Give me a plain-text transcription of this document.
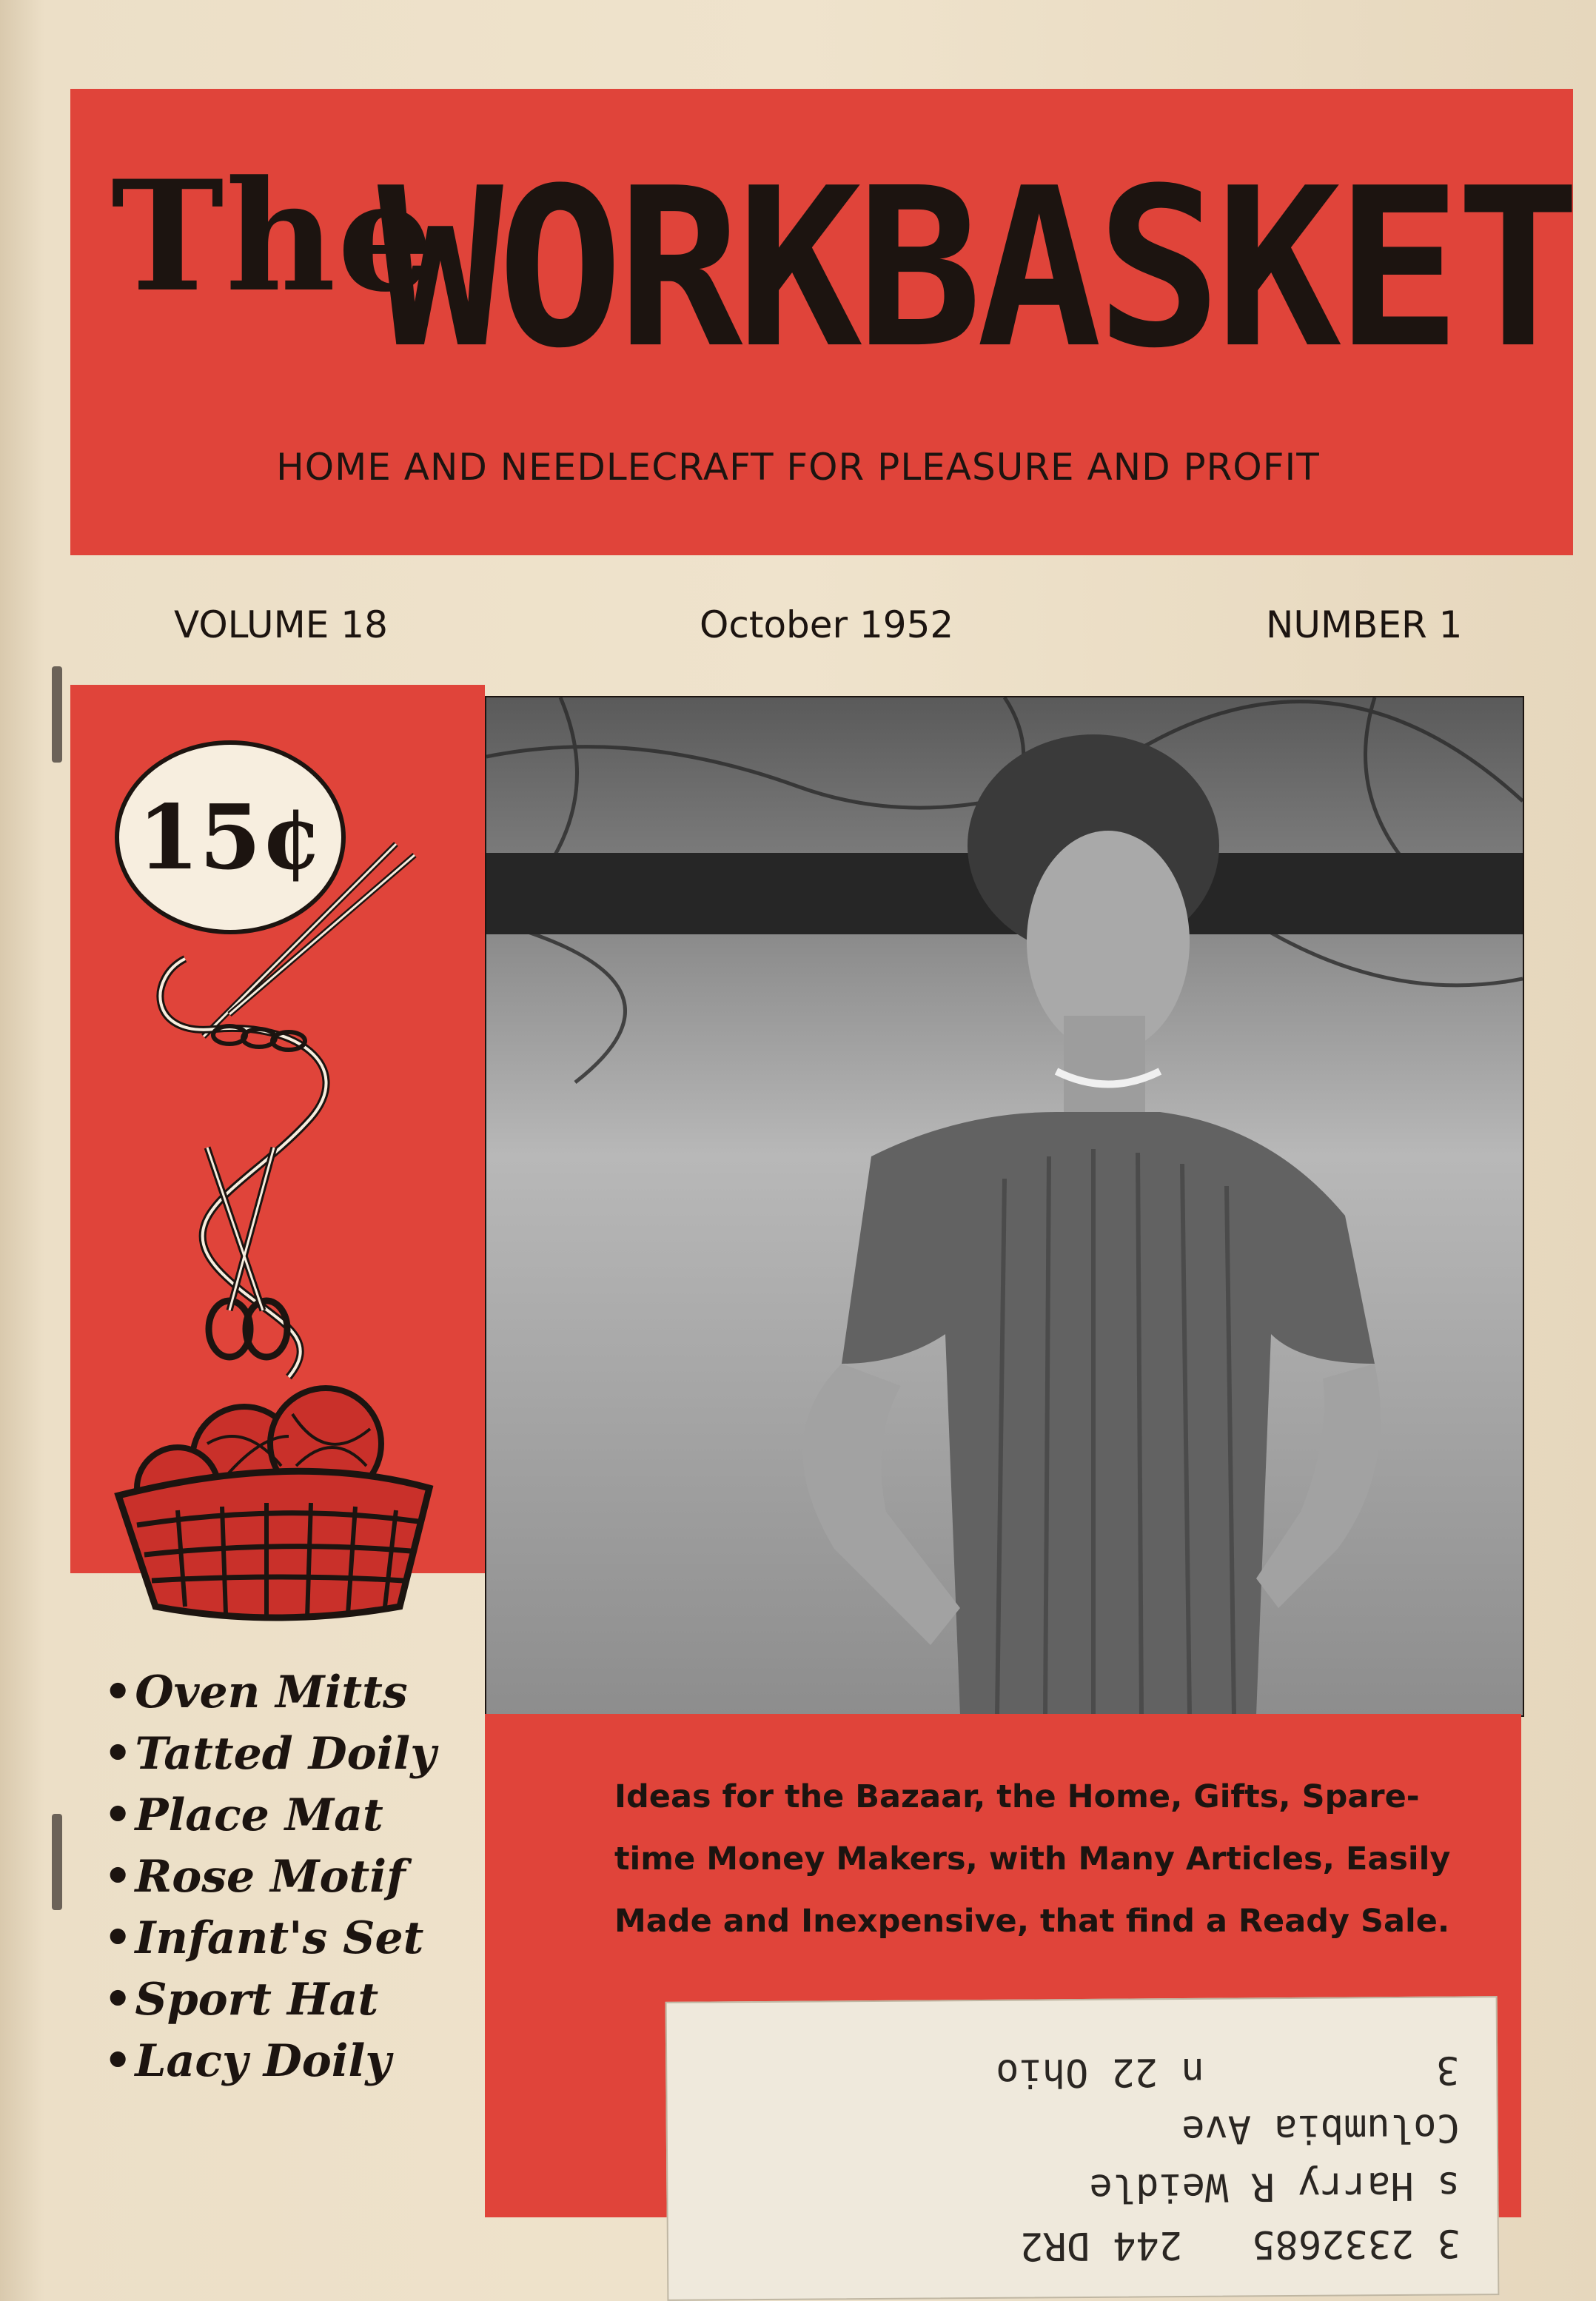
The
WORKBASKET
HOME AND NEEDLECRAFT FOR PLEASURE AND PROFIT
VOLUME 18	October 1952	NUMBER 1
15¢
• Oven Mitts
• Tatted Doily
• Place Mat
• Rose Motif
• Infant's Set
• Sport Hat
• Lacy Doily
Ideas for the Bazaar, the Home, Gifts, Spare-time Money Makers, with Many Articles, Easily Made and Inexpensive, that find a Ready Sale.
3 2332685   244 DR2
s Harry R Weidle
Columbia Ave
3          n 22 Ohio
